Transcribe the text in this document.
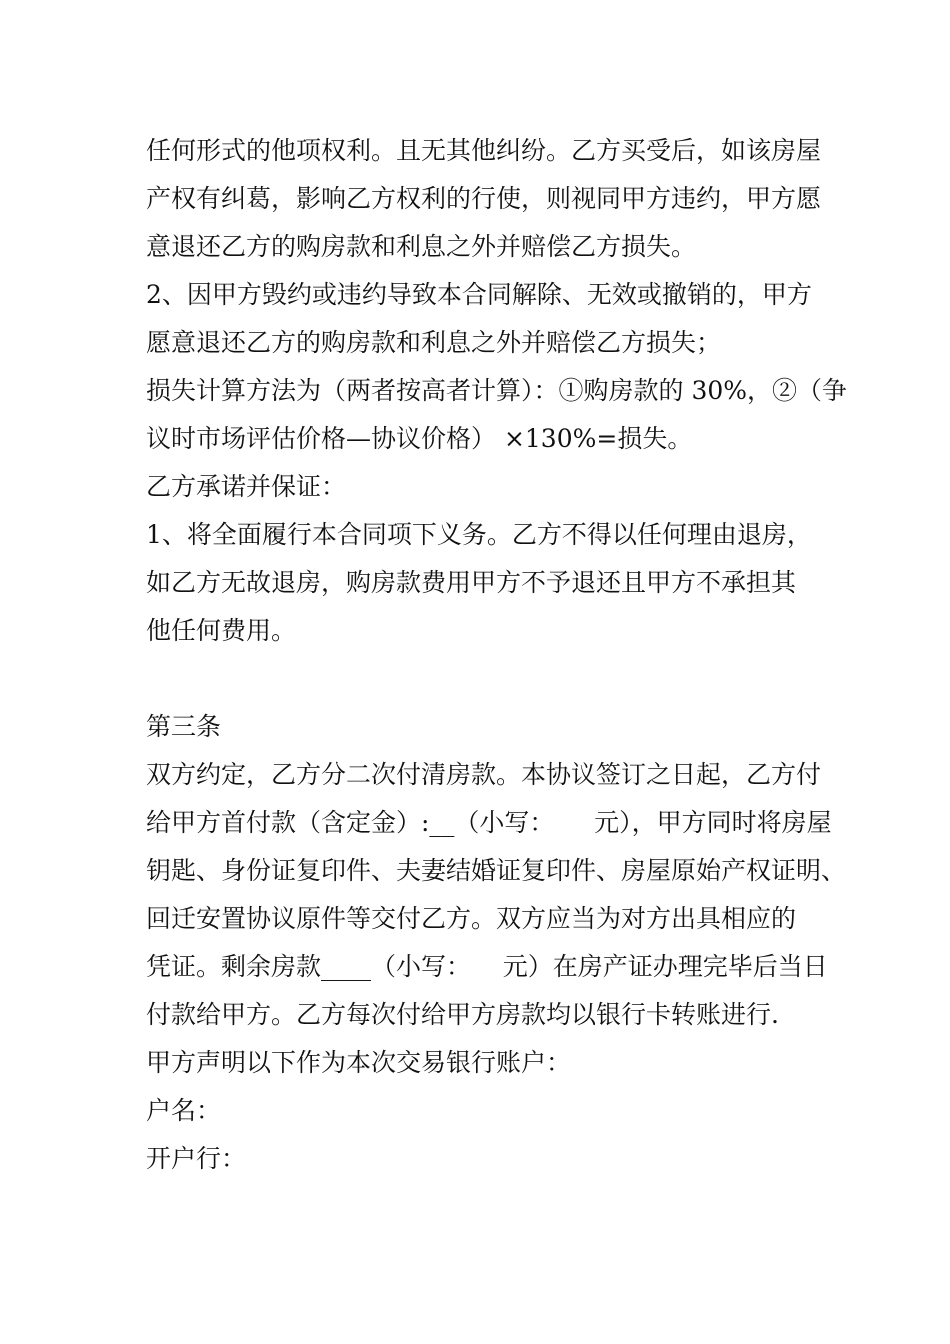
任何形式的他项权利。且无其他纠纷。乙方买受后，如该房屋
产权有纠葛，影响乙方权利的行使，则视同甲方违约，甲方愿
意退还乙方的购房款和利息之外并赔偿乙方损失。
2、因甲方毁约或违约导致本合同解除、无效或撤销的，甲方
愿意退还乙方的购房款和利息之外并赔偿乙方损失；
损失计算方法为（两者按高者计算）：①购房款的 30%，②（争
议时市场评估价格—协议价格） ×130%=损失。
乙方承诺并保证：
1、将全面履行本合同项下义务。乙方不得以任何理由退房，
如乙方无故退房，购房款费用甲方不予退还且甲方不承担其
他任何费用。
第三条
双方约定，乙方分二次付清房款。本协议签订之日起，乙方付
给甲方首付款（含定金）:__（小写：     元），甲方同时将房屋
钥匙、身份证复印件、夫妻结婚证复印件、房屋原始产权证明、
回迁安置协议原件等交付乙方。双方应当为对方出具相应的
凭证。剩余房款____（小写：    元）在房产证办理完毕后当日
付款给甲方。乙方每次付给甲方房款均以银行卡转账进行.
甲方声明以下作为本次交易银行账户：
户名：
开户行：
